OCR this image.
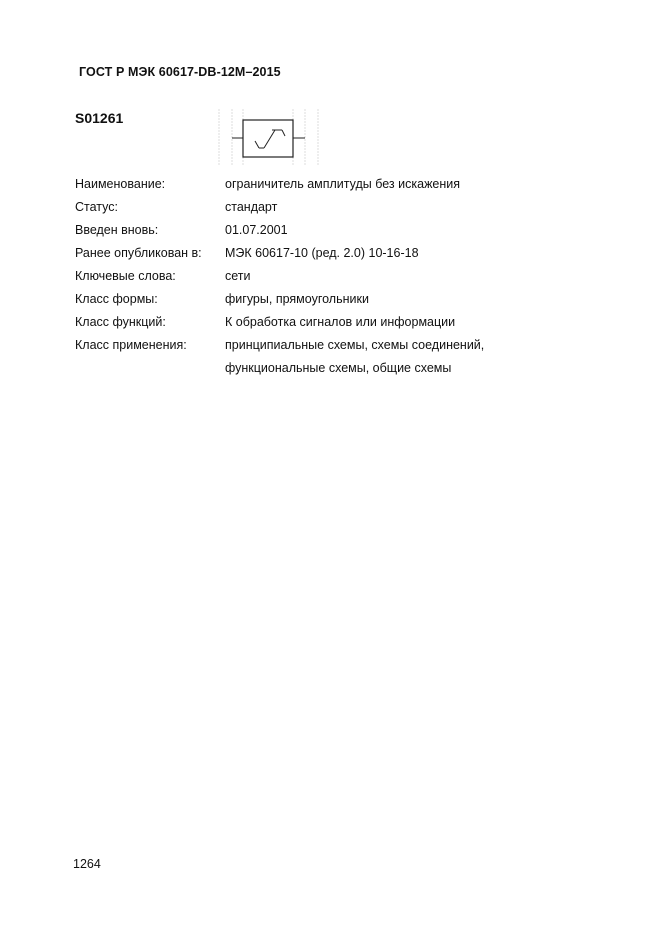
ГОСТ Р МЭК 60617-DB-12M–2015
S01261
Наименование:	ограничитель амплитуды без искажения
Статус:	стандарт
Введен вновь:	01.07.2001
Ранее опубликован в:	МЭК 60617-10 (ред. 2.0) 10-16-18
Ключевые слова:	сети
Класс формы:	фигуры, прямоугольники
Класс функций:	К обработка сигналов или информации
Класс применения:	принципиальные схемы, схемы соединений,
функциональные схемы, общие схемы
1264
